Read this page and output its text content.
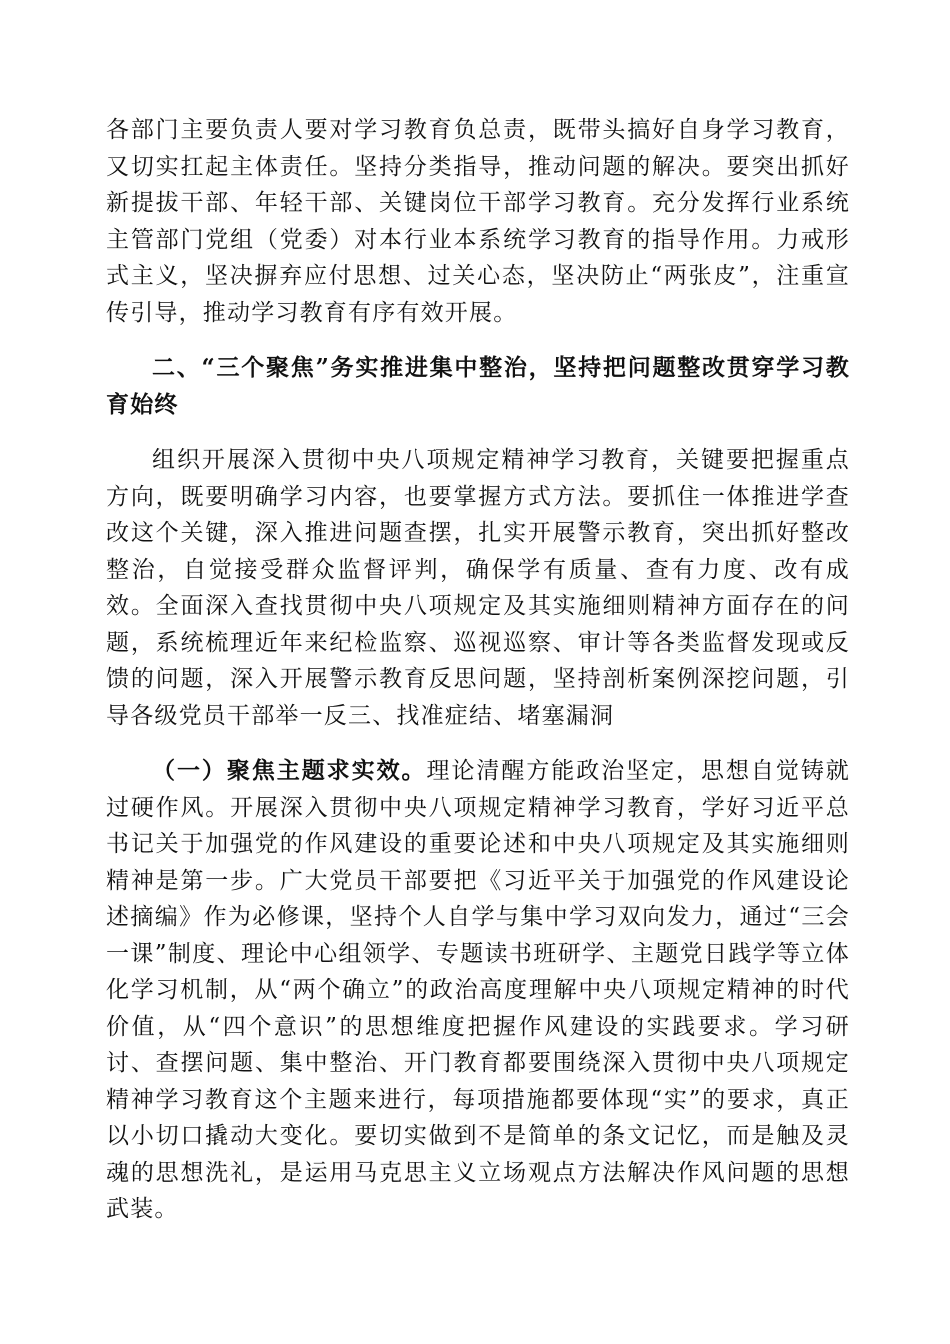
各部门主要负责人要对学习教育负总责，既带头搞好自身学习教育，又切实扛起主体责任。坚持分类指导，推动问题的解决。要突出抓好新提拔干部、年轻干部、关键岗位干部学习教育。充分发挥行业系统主管部门党组（党委）对本行业本系统学习教育的指导作用。力戒形式主义，坚决摒弃应付思想、过关心态，坚决防止“两张皮”，注重宣传引导，推动学习教育有序有效开展。

二、“三个聚焦”务实推进集中整治，坚持把问题整改贯穿学习教育始终

组织开展深入贯彻中央八项规定精神学习教育，关键要把握重点方向，既要明确学习内容，也要掌握方式方法。要抓住一体推进学查改这个关键，深入推进问题查摆，扎实开展警示教育，突出抓好整改整治，自觉接受群众监督评判，确保学有质量、查有力度、改有成效。全面深入查找贯彻中央八项规定及其实施细则精神方面存在的问题，系统梳理近年来纪检监察、巡视巡察、审计等各类监督发现或反馈的问题，深入开展警示教育反思问题，坚持剖析案例深挖问题，引导各级党员干部举一反三、找准症结、堵塞漏洞

（一）聚焦主题求实效。理论清醒方能政治坚定，思想自觉铸就过硬作风。开展深入贯彻中央八项规定精神学习教育，学好习近平总书记关于加强党的作风建设的重要论述和中央八项规定及其实施细则精神是第一步。广大党员干部要把《习近平关于加强党的作风建设论述摘编》作为必修课，坚持个人自学与集中学习双向发力，通过“三会一课”制度、理论中心组领学、专题读书班研学、主题党日践学等立体化学习机制，从“两个确立”的政治高度理解中央八项规定精神的时代价值，从“四个意识”的思想维度把握作风建设的实践要求。学习研讨、查摆问题、集中整治、开门教育都要围绕深入贯彻中央八项规定精神学习教育这个主题来进行，每项措施都要体现“实”的要求，真正以小切口撬动大变化。要切实做到不是简单的条文记忆，而是触及灵魂的思想洗礼，是运用马克思主义立场观点方法解决作风问题的思想武装。
